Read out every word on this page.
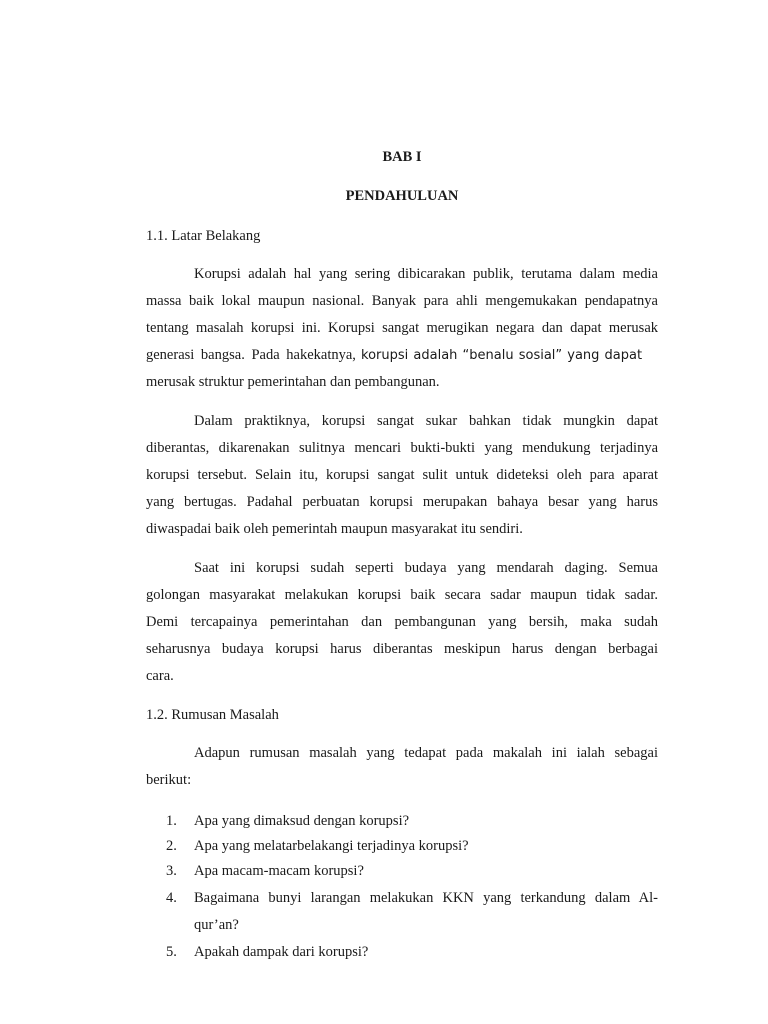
BAB I
PENDAHULUAN
1.1. Latar Belakang
Korupsi adalah hal yang sering dibicarakan publik, terutama dalam media
massa baik lokal maupun nasional. Banyak para ahli mengemukakan pendapatnya
tentang masalah korupsi ini. Korupsi sangat merugikan negara dan dapat merusak
generasi bangsa. Pada hakekatnya, korupsi adalah “benalu sosial” yang dapat
merusak struktur pemerintahan dan pembangunan.
Dalam praktiknya, korupsi sangat sukar bahkan tidak mungkin dapat
diberantas, dikarenakan sulitnya mencari bukti-bukti yang mendukung terjadinya
korupsi tersebut. Selain itu, korupsi sangat sulit untuk dideteksi oleh para aparat
yang bertugas. Padahal perbuatan korupsi merupakan bahaya besar yang harus
diwaspadai baik oleh pemerintah maupun masyarakat itu sendiri.
Saat ini korupsi sudah seperti budaya yang mendarah daging. Semua
golongan masyarakat melakukan korupsi baik secara sadar maupun tidak sadar.
Demi tercapainya pemerintahan dan pembangunan yang bersih, maka sudah
seharusnya budaya korupsi harus diberantas meskipun harus dengan berbagai
cara.
1.2. Rumusan Masalah
Adapun rumusan masalah yang tedapat pada makalah ini ialah sebagai
berikut:
1. Apa yang dimaksud dengan korupsi?
2. Apa yang melatarbelakangi terjadinya korupsi?
3. Apa macam-macam korupsi?
4. Bagaimana bunyi larangan melakukan KKN yang terkandung dalam Al-
qur’an?
5. Apakah dampak dari korupsi?
